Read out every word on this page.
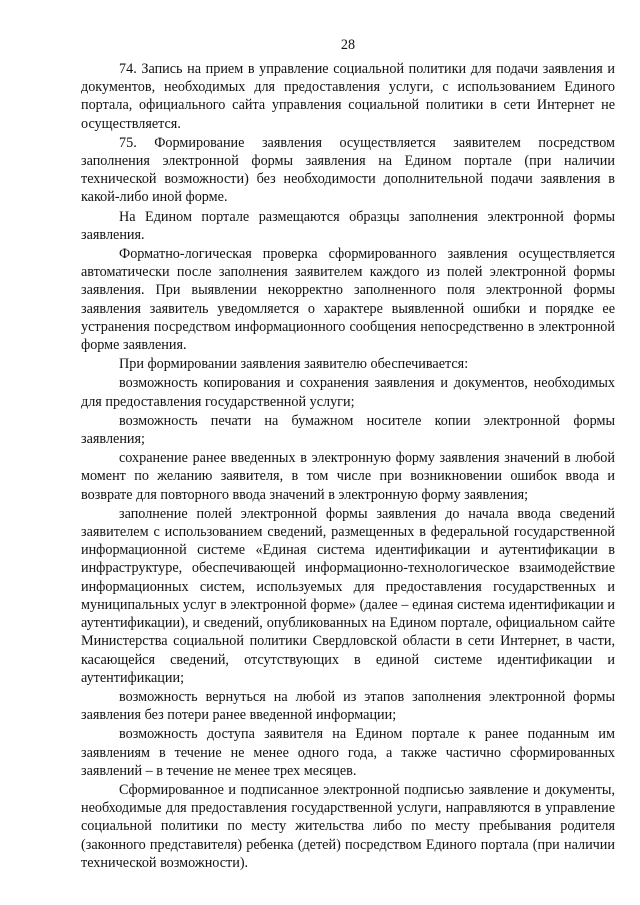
28

74. Запись на прием в управление социальной политики для подачи заявления и документов, необходимых для предоставления услуги, с использованием Единого портала, официального сайта управления социальной политики в сети Интернет не осуществляется.

75. Формирование заявления осуществляется заявителем посредством заполнения электронной формы заявления на Едином портале (при наличии технической возможности) без необходимости дополнительной подачи заявления в какой-либо иной форме.

На Едином портале размещаются образцы заполнения электронной формы заявления.

Форматно-логическая проверка сформированного заявления осуществляется автоматически после заполнения заявителем каждого из полей электронной формы заявления. При выявлении некорректно заполненного поля электронной формы заявления заявитель уведомляется о характере выявленной ошибки и порядке ее устранения посредством информационного сообщения непосредственно в электронной форме заявления.

При формировании заявления заявителю обеспечивается:

возможность копирования и сохранения заявления и документов, необходимых для предоставления государственной услуги;

возможность печати на бумажном носителе копии электронной формы заявления;

сохранение ранее введенных в электронную форму заявления значений в любой момент по желанию заявителя, в том числе при возникновении ошибок ввода и возврате для повторного ввода значений в электронную форму заявления;

заполнение полей электронной формы заявления до начала ввода сведений заявителем с использованием сведений, размещенных в федеральной государственной информационной системе «Единая система идентификации и аутентификации в инфраструктуре, обеспечивающей информационно-технологическое взаимодействие информационных систем, используемых для предоставления государственных и муниципальных услуг в электронной форме» (далее – единая система идентификации и аутентификации), и сведений, опубликованных на Едином портале, официальном сайте Министерства социальной политики Свердловской области в сети Интернет, в части, касающейся сведений, отсутствующих в единой системе идентификации и аутентификации;

возможность вернуться на любой из этапов заполнения электронной формы заявления без потери ранее введенной информации;

возможность доступа заявителя на Едином портале к ранее поданным им заявлениям в течение не менее одного года, а также частично сформированных заявлений – в течение не менее трех месяцев.

Сформированное и подписанное электронной подписью заявление и документы, необходимые для предоставления государственной услуги, направляются в управление социальной политики по месту жительства либо по месту пребывания родителя (законного представителя) ребенка (детей) посредством Единого портала (при наличии технической возможности).
